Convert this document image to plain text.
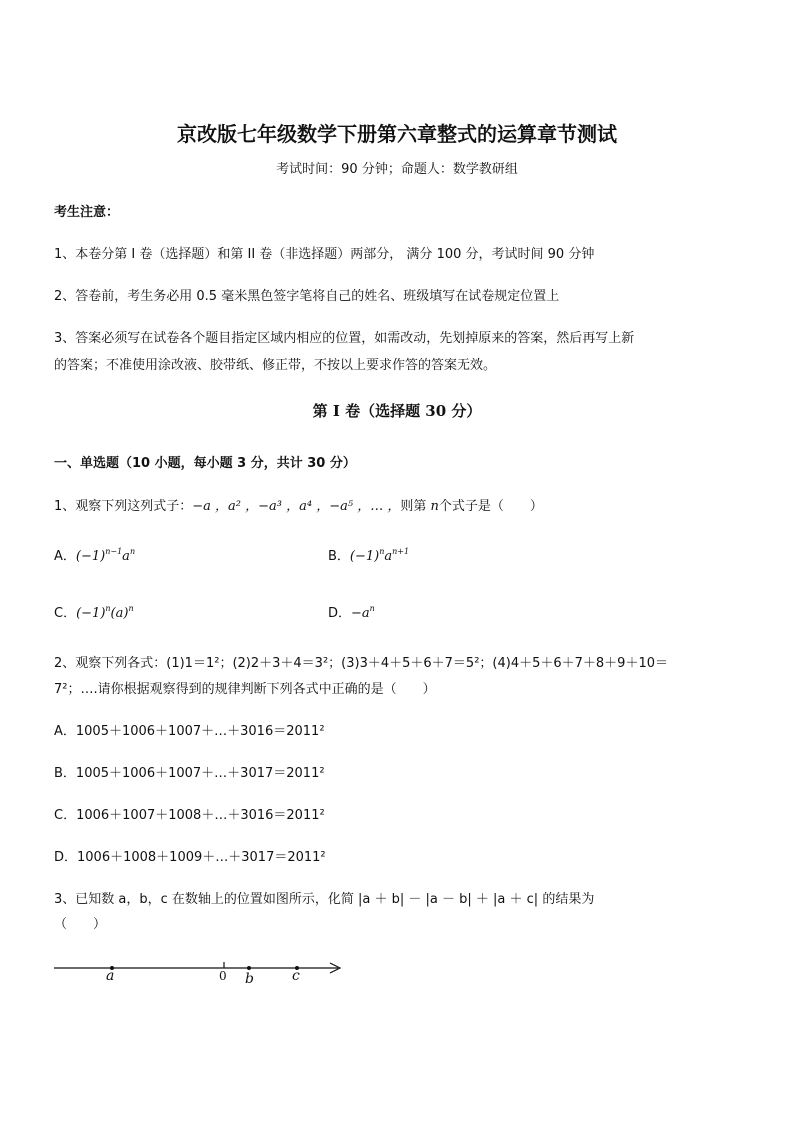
京改版七年级数学下册第六章整式的运算章节测试
考试时间：90 分钟；命题人：数学教研组
考生注意：
1、本卷分第 I 卷（选择题）和第 II 卷（非选择题）两部分， 满分 100 分，考试时间 90 分钟
2、答卷前，考生务必用 0.5 毫米黑色签字笔将自己的姓名、班级填写在试卷规定位置上
3、答案必须写在试卷各个题目指定区域内相应的位置，如需改动，先划掉原来的答案，然后再写上新
的答案；不准使用涂改液、胶带纸、修正带，不按以上要求作答的答案无效。
第 I 卷（选择题 30 分）
一、单选题（10 小题，每小题 3 分，共计 30 分）
1、观察下列这列式子：−a ，a² ，−a³ ，a⁴ ，−a⁵ ，… ，则第 n个式子是（　　）
A．$(-1)^{n-1}a^n$	B．$(-1)^na^{n+1}$
C．$(-1)^n(a)^n$	D．$-a^n$
2、观察下列各式：(1)1＝1²；(2)2＋3＋4＝3²；(3)3＋4＋5＋6＋7＝5²；(4)4＋5＋6＋7＋8＋9＋10＝
7²；….请你根据观察得到的规律判断下列各式中正确的是（　　）
A．1005＋1006＋1007＋…＋3016＝2011²
B．1005＋1006＋1007＋…＋3017＝2011²
C．1006＋1007＋1008＋…＋3016＝2011²
D．1006＋1008＋1009＋…＋3017＝2011²
3、已知数 a，b，c 在数轴上的位置如图所示，化简 |a ＋ b| － |a － b| ＋ |a ＋ c| 的结果为
（　　）
a	0 b	c
